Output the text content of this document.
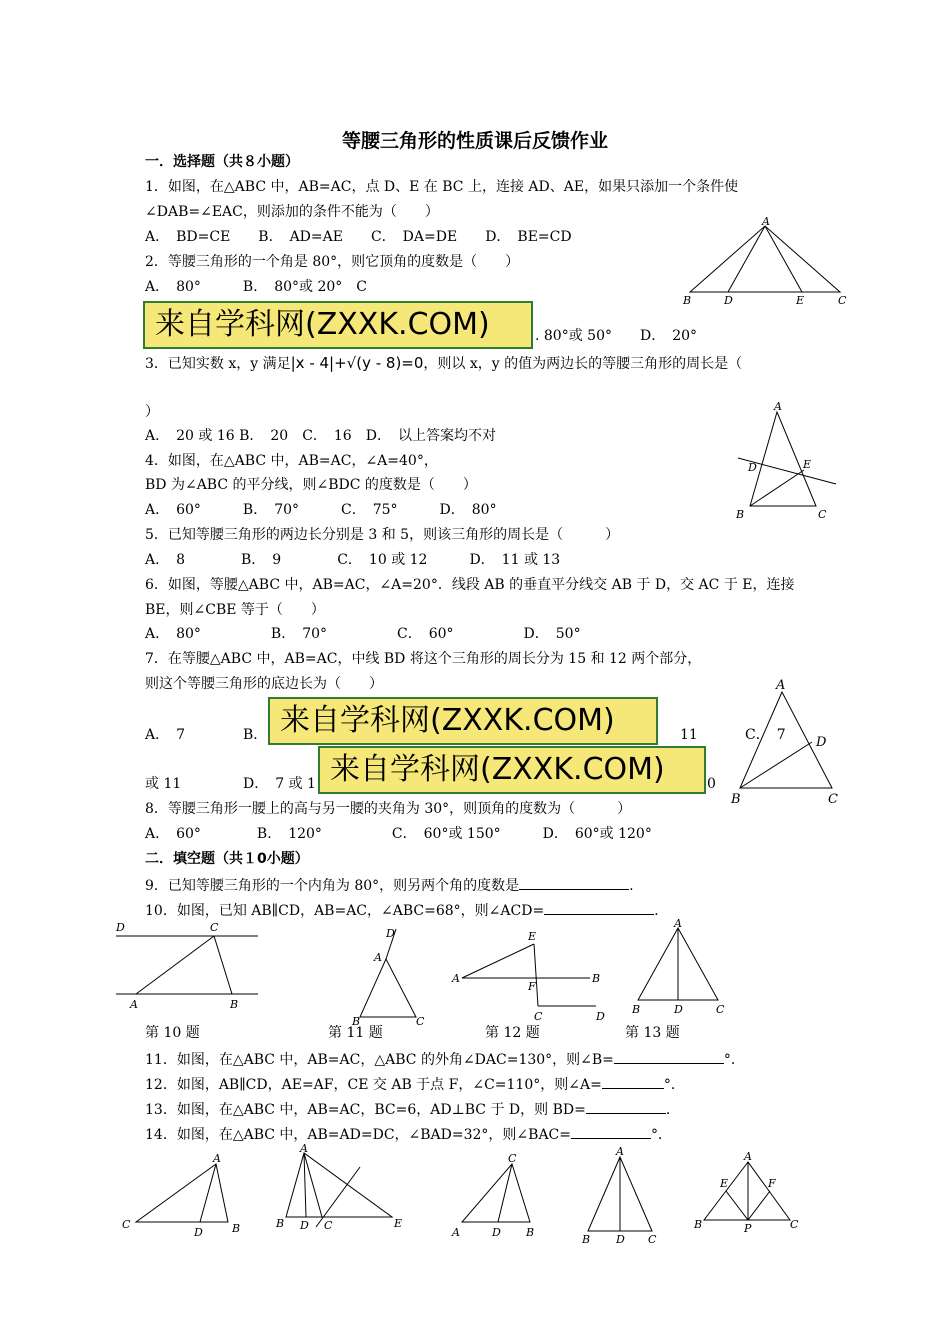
等腰三角形的性质课后反馈作业
一．选择题（共８小题）
1．如图，在△ABC 中，AB=AC，点 D、E 在 BC 上，连接 AD、AE，如果只添加一个条件使
∠DAB=∠EAC，则添加的条件不能为（　　）
A．　BD=CE　　B．　AD=AE　　C．　DA=DE　　D．　BE=CD
A
B	D	E	C
2．等腰三角形的一个角是 80°，则它顶角的度数是（　　）
A．　80°　　　B．　80°或 20°　C
来自学科网(ZXXK.COM)	. 80°或 50°　　D．　20°
3．已知实数 x，y 满足|x - 4|+√(y - 8)=0，则以 x，y 的值为两边长的等腰三角形的周长是（
）
A．　20 或 16 B．　20　C．　16　D．　以上答案均不对
A
D	E
B	C
4．如图，在△ABC 中，AB=AC，∠A=40°，
BD 为∠ABC 的平分线，则∠BDC 的度数是（　　）
A．　60°　　　B．　70°　　　C．　75°　　　D．　80°
5．已知等腰三角形的两边长分别是 3 和 5，则该三角形的周长是（　　　）
A．　8　　　　B．　9　　　　C．　10 或 12　　　D．　11 或 13
6．如图，等腰△ABC 中，AB=AC，∠A=20°．线段 AB 的垂直平分线交 AB 于 D，交 AC 于 E，连接
BE，则∠CBE 等于（　　）
A．　80°　　　　　B．　70°　　　　　C．　60°　　　　　D．　50°
7．在等腰△ABC 中，AB=AC，中线 BD 将这个三角形的周长分为 15 和 12 两个部分，
则这个等腰三角形的底边长为（　　）
A．　7	B． 来自学科网(ZXXK.COM)	11	C．　7
来自学科网(ZXXK.COM)
或 11	D．　7 或 1	0
A
D
B	C
8．等腰三角形一腰上的高与另一腰的夹角为 30°，则顶角的度数为（　　　）
A．　60°　　　　B．　120°　　　　　C．　60°或 150°　　　D．　60°或 120°
二．填空题（共１0小题）
9．已知等腰三角形的一个内角为 80°，则另两个角的度数是	.
10．如图，已知 AB∥CD，AB=AC，∠ABC=68°，则∠ACD=	.
D	C
A	B
D
A
B	C
E
A	B
F
C	D
A
B	D	C
第 10 题	第 11 题	第 12 题	第 13 题
11．如图，在△ABC 中，AB=AC，△ABC 的外角∠DAC=130°，则∠B=	°．
12．如图，AB∥CD，AE=AF，CE 交 AB 于点 F，∠C=110°，则∠A=	°．
13．如图，在△ABC 中，AB=AC，BC=6，AD⊥BC 于 D，则 BD=	．
14．如图，在△ABC 中，AB=AD=DC，∠BAD=32°，则∠BAC=	°．
A
C
D	B
A
B D C	E
C
A	D B
A
B D C
A
E	F
B	P	C
